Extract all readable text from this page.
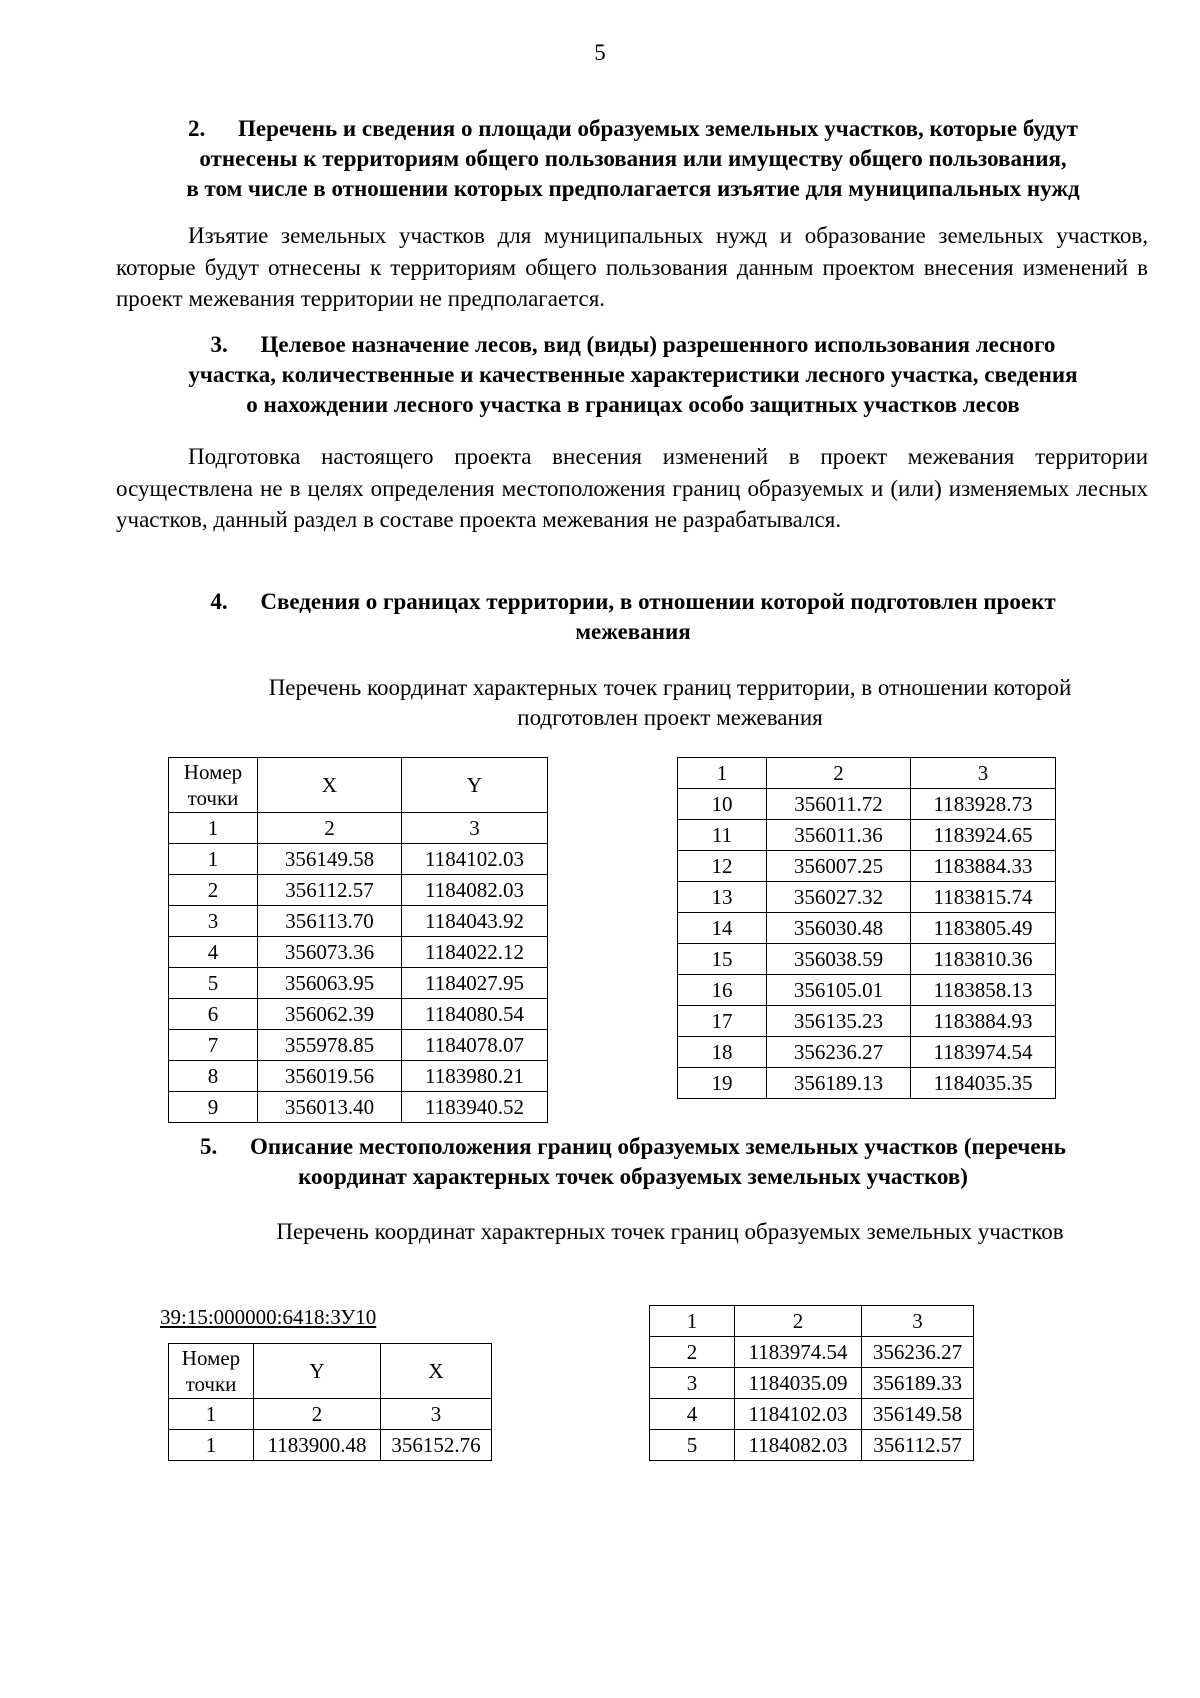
5
2. Перечень и сведения о площади образуемых земельных участков, которые будут
отнесены к территориям общего пользования или имуществу общего пользования,
в том числе в отношении которых предполагается изъятие для муниципальных нужд
Изъятие земельных участков для муниципальных нужд и образование земельных участков, которые будут отнесены к территориям общего пользования данным проектом внесения изменений в проект межевания территории не предполагается.
3. Целевое назначение лесов, вид (виды) разрешенного использования лесного
участка, количественные и качественные характеристики лесного участка, сведения
о нахождении лесного участка в границах особо защитных участков лесов
Подготовка настоящего проекта внесения изменений в проект межевания территории осуществлена не в целях определения местоположения границ образуемых и (или) изменяемых лесных участков, данный раздел в составе проекта межевания не разрабатывался.
4. Сведения о границах территории, в отношении которой подготовлен проект
межевания
Перечень координат характерных точек границ территории, в отношении которой
подготовлен проект межевания
Номер точки	X	Y
1	2	3
1	356149.58	1184102.03
2	356112.57	1184082.03
3	356113.70	1184043.92
4	356073.36	1184022.12
5	356063.95	1184027.95
6	356062.39	1184080.54
7	355978.85	1184078.07
8	356019.56	1183980.21
9	356013.40	1183940.52
1	2	3
10	356011.72	1183928.73
11	356011.36	1183924.65
12	356007.25	1183884.33
13	356027.32	1183815.74
14	356030.48	1183805.49
15	356038.59	1183810.36
16	356105.01	1183858.13
17	356135.23	1183884.93
18	356236.27	1183974.54
19	356189.13	1184035.35
5. Описание местоположения границ образуемых земельных участков (перечень
координат характерных точек образуемых земельных участков)
Перечень координат характерных точек границ образуемых земельных участков
39:15:000000:6418:ЗУ10
Номер точки	Y	X
1	2	3
1	1183900.48	356152.76
1	2	3
2	1183974.54	356236.27
3	1184035.09	356189.33
4	1184102.03	356149.58
5	1184082.03	356112.57
